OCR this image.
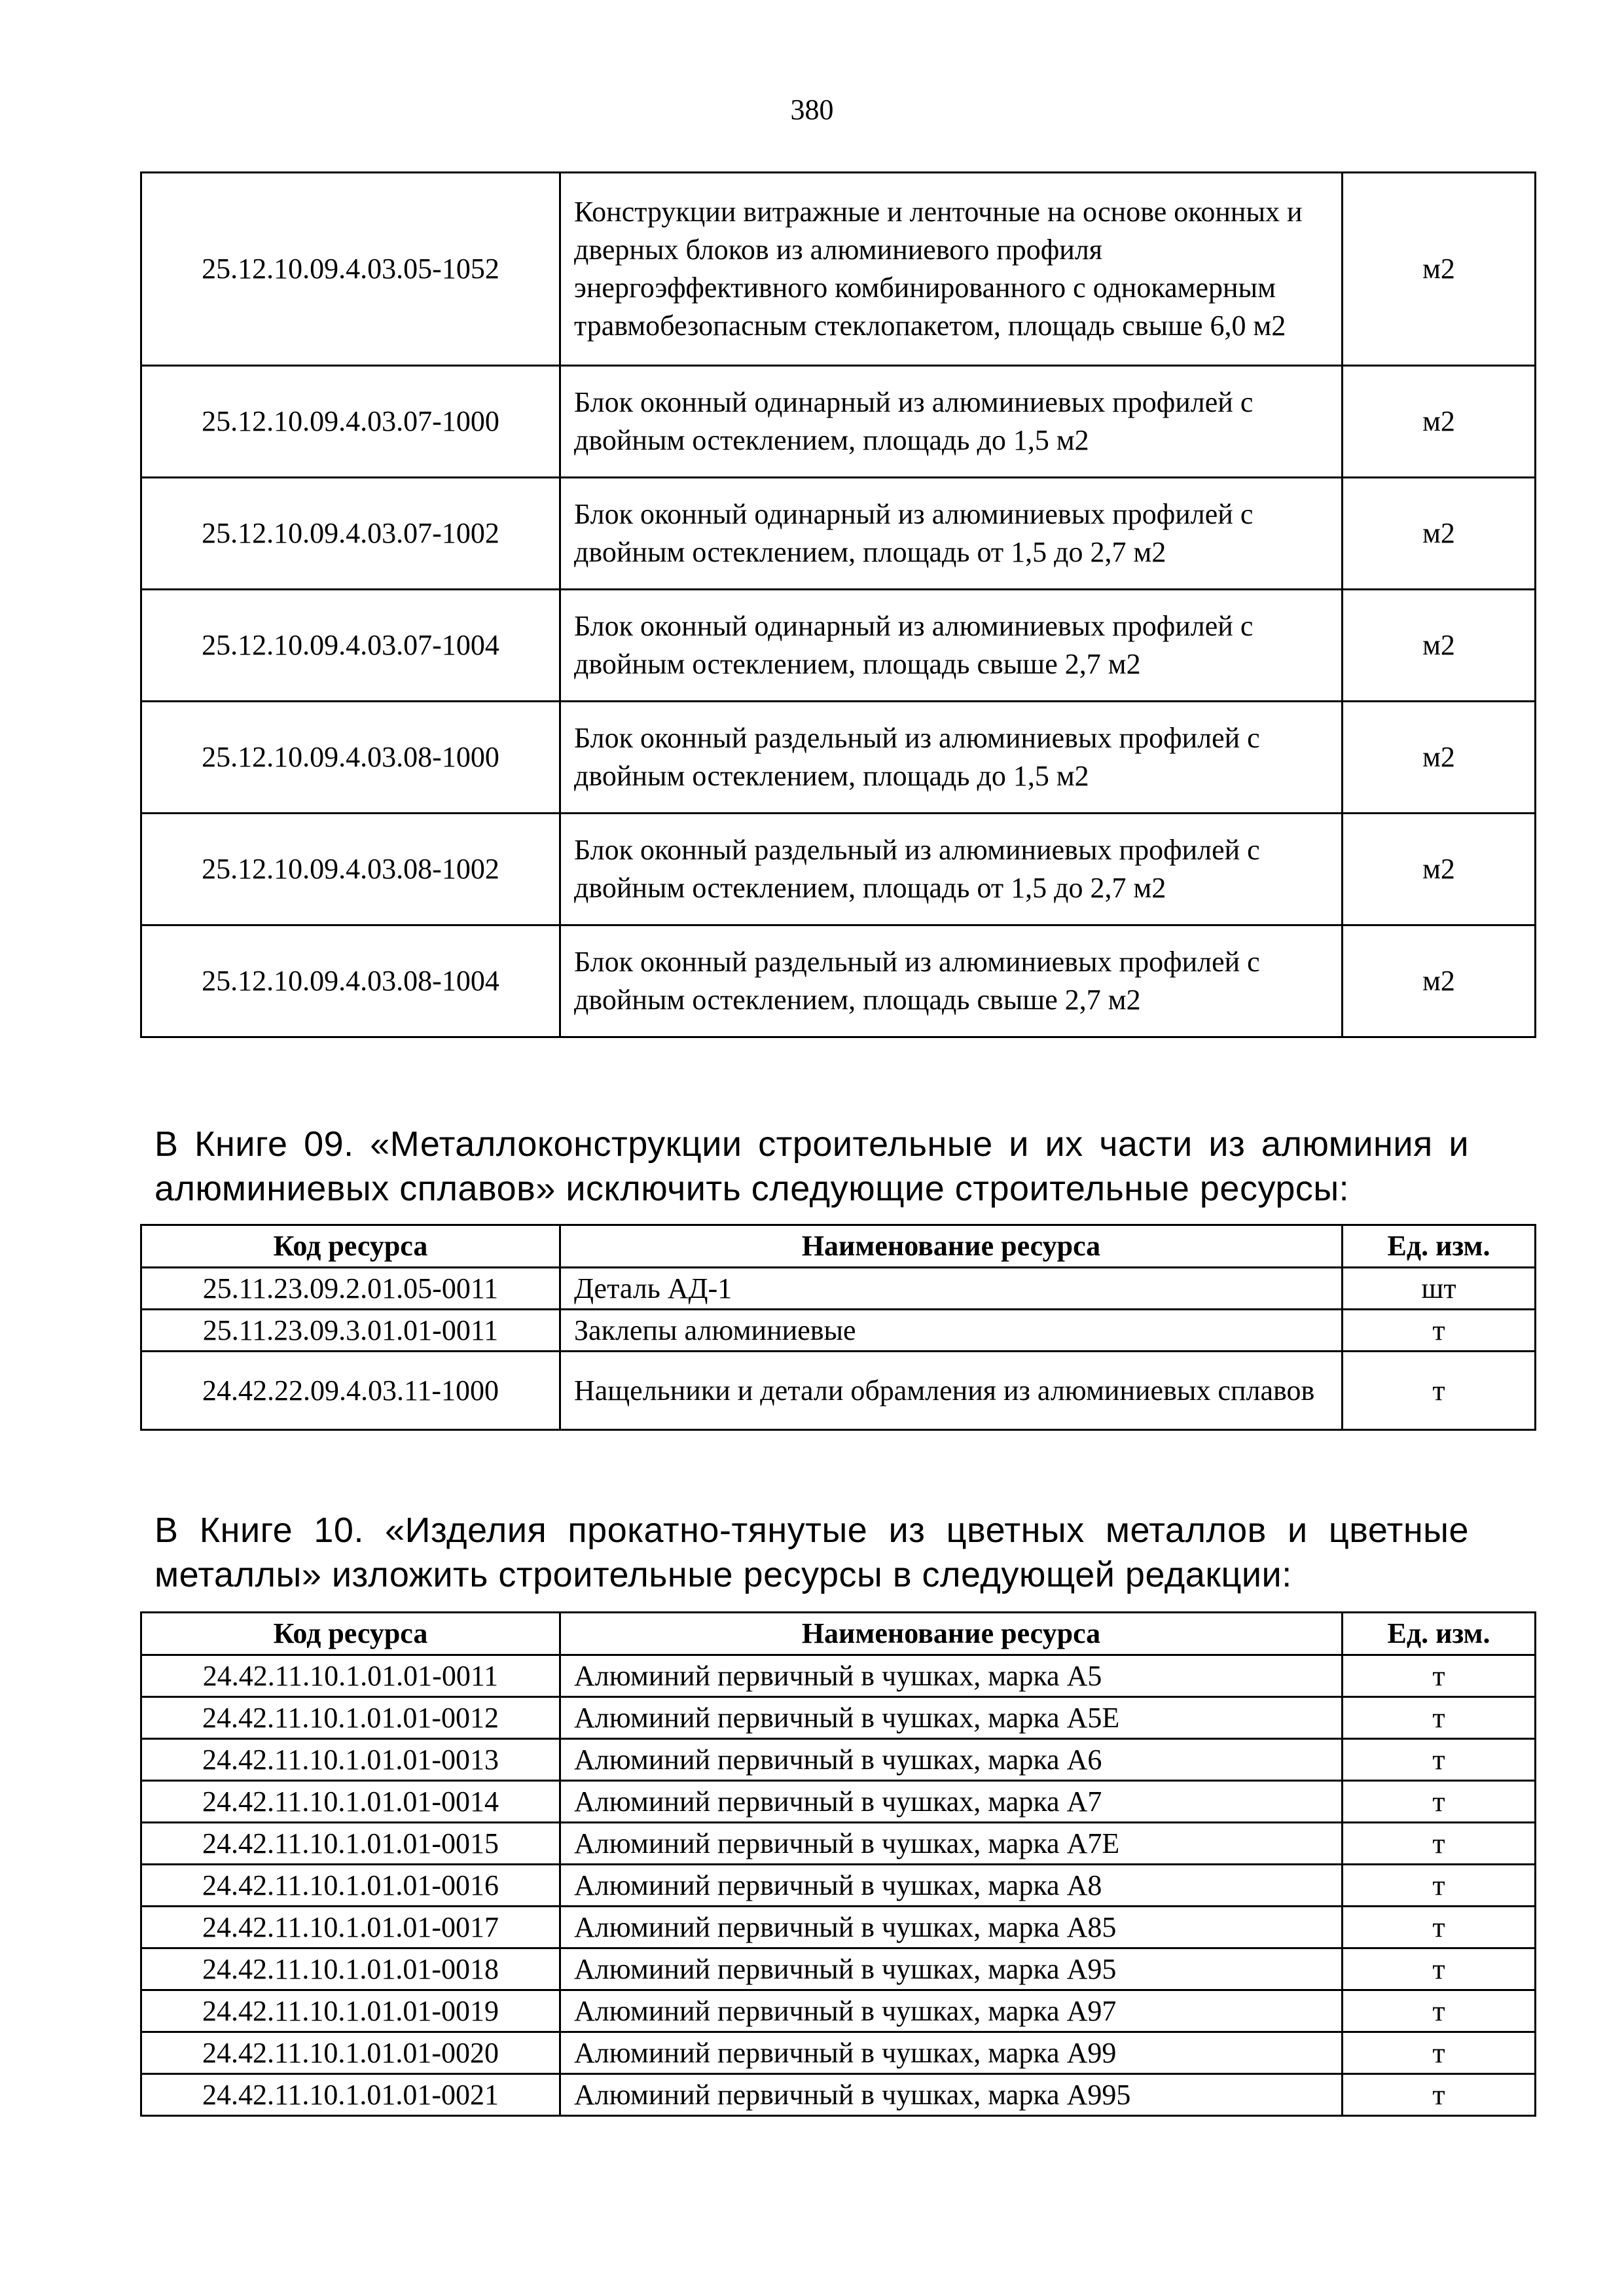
380
25.12.10.09.4.03.05-1052	Конструкции витражные и ленточные на основе оконных и дверных блоков из алюминиевого профиля энергоэффективного комбинированного с однокамерным травмобезопасным стеклопакетом, площадь свыше 6,0 м2	м2
25.12.10.09.4.03.07-1000	Блок оконный одинарный из алюминиевых профилей с двойным остеклением, площадь до 1,5 м2	м2
25.12.10.09.4.03.07-1002	Блок оконный одинарный из алюминиевых профилей с двойным остеклением, площадь от 1,5 до 2,7 м2	м2
25.12.10.09.4.03.07-1004	Блок оконный одинарный из алюминиевых профилей с двойным остеклением, площадь свыше 2,7 м2	м2
25.12.10.09.4.03.08-1000	Блок оконный раздельный из алюминиевых профилей с двойным остеклением, площадь до 1,5 м2	м2
25.12.10.09.4.03.08-1002	Блок оконный раздельный из алюминиевых профилей с двойным остеклением, площадь от 1,5 до 2,7 м2	м2
25.12.10.09.4.03.08-1004	Блок оконный раздельный из алюминиевых профилей с двойным остеклением, площадь свыше 2,7 м2	м2

В Книге 09. «Металлоконструкции строительные и их части из алюминия и алюминиевых сплавов» исключить следующие строительные ресурсы:

Код ресурса	Наименование ресурса	Ед. изм.
25.11.23.09.2.01.05-0011	Деталь АД-1	шт
25.11.23.09.3.01.01-0011	Заклепы алюминиевые	т
24.42.22.09.4.03.11-1000	Нащельники и детали обрамления из алюминиевых сплавов	т

В Книге 10. «Изделия прокатно-тянутые из цветных металлов и цветные металлы» изложить строительные ресурсы в следующей редакции:

Код ресурса	Наименование ресурса	Ед. изм.
24.42.11.10.1.01.01-0011	Алюминий первичный в чушках, марка А5	т
24.42.11.10.1.01.01-0012	Алюминий первичный в чушках, марка А5Е	т
24.42.11.10.1.01.01-0013	Алюминий первичный в чушках, марка А6	т
24.42.11.10.1.01.01-0014	Алюминий первичный в чушках, марка А7	т
24.42.11.10.1.01.01-0015	Алюминий первичный в чушках, марка А7Е	т
24.42.11.10.1.01.01-0016	Алюминий первичный в чушках, марка А8	т
24.42.11.10.1.01.01-0017	Алюминий первичный в чушках, марка А85	т
24.42.11.10.1.01.01-0018	Алюминий первичный в чушках, марка А95	т
24.42.11.10.1.01.01-0019	Алюминий первичный в чушках, марка А97	т
24.42.11.10.1.01.01-0020	Алюминий первичный в чушках, марка А99	т
24.42.11.10.1.01.01-0021	Алюминий первичный в чушках, марка А995	т
